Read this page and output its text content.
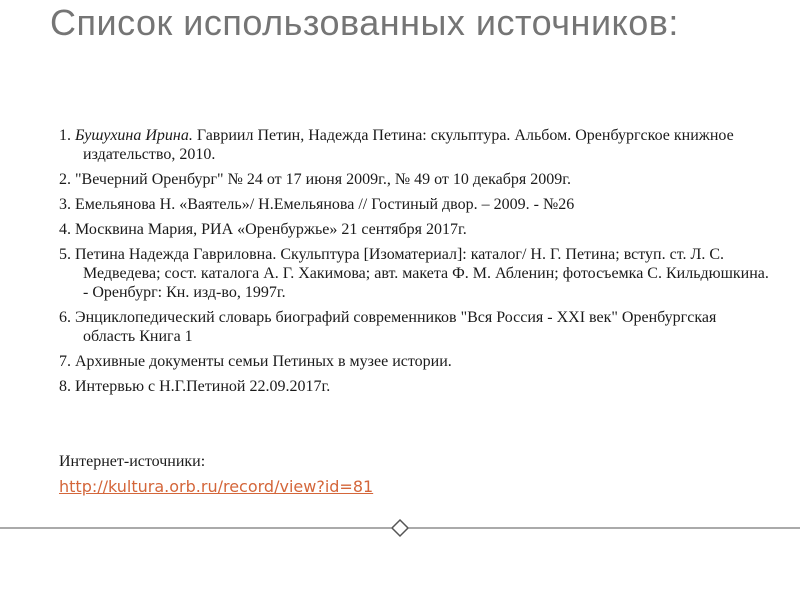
Список использованных источников:
1. Бушухина Ирина. Гавриил Петин, Надежда Петина: скульптура. Альбом. Оренбургское книжное издательство, 2010.
2. "Вечерний Оренбург" № 24 от 17 июня 2009г., № 49 от 10 декабря 2009г.
3. Емельянова Н. «Ваятель»/ Н.Емельянова // Гостиный двор. – 2009. - №26
4. Москвина Мария, РИА «Оренбуржье» 21 сентября 2017г.
5. Петина Надежда Гавриловна. Скульптура [Изоматериал]: каталог/ Н. Г. Петина; вступ. ст. Л. С. Медведева; сост. каталога А. Г. Хакимова; авт. макета Ф. М. Абленин; фотосъемка С. Кильдюшкина. - Оренбург: Кн. изд-во, 1997г.
6. Энциклопедический словарь биографий современников "Вся Россия - XXI век" Оренбургская область Книга 1
7. Архивные документы семьи Петиных в музее истории.
8. Интервью с Н.Г.Петиной 22.09.2017г.
Интернет-источники:
http://kultura.orb.ru/record/view?id=81
